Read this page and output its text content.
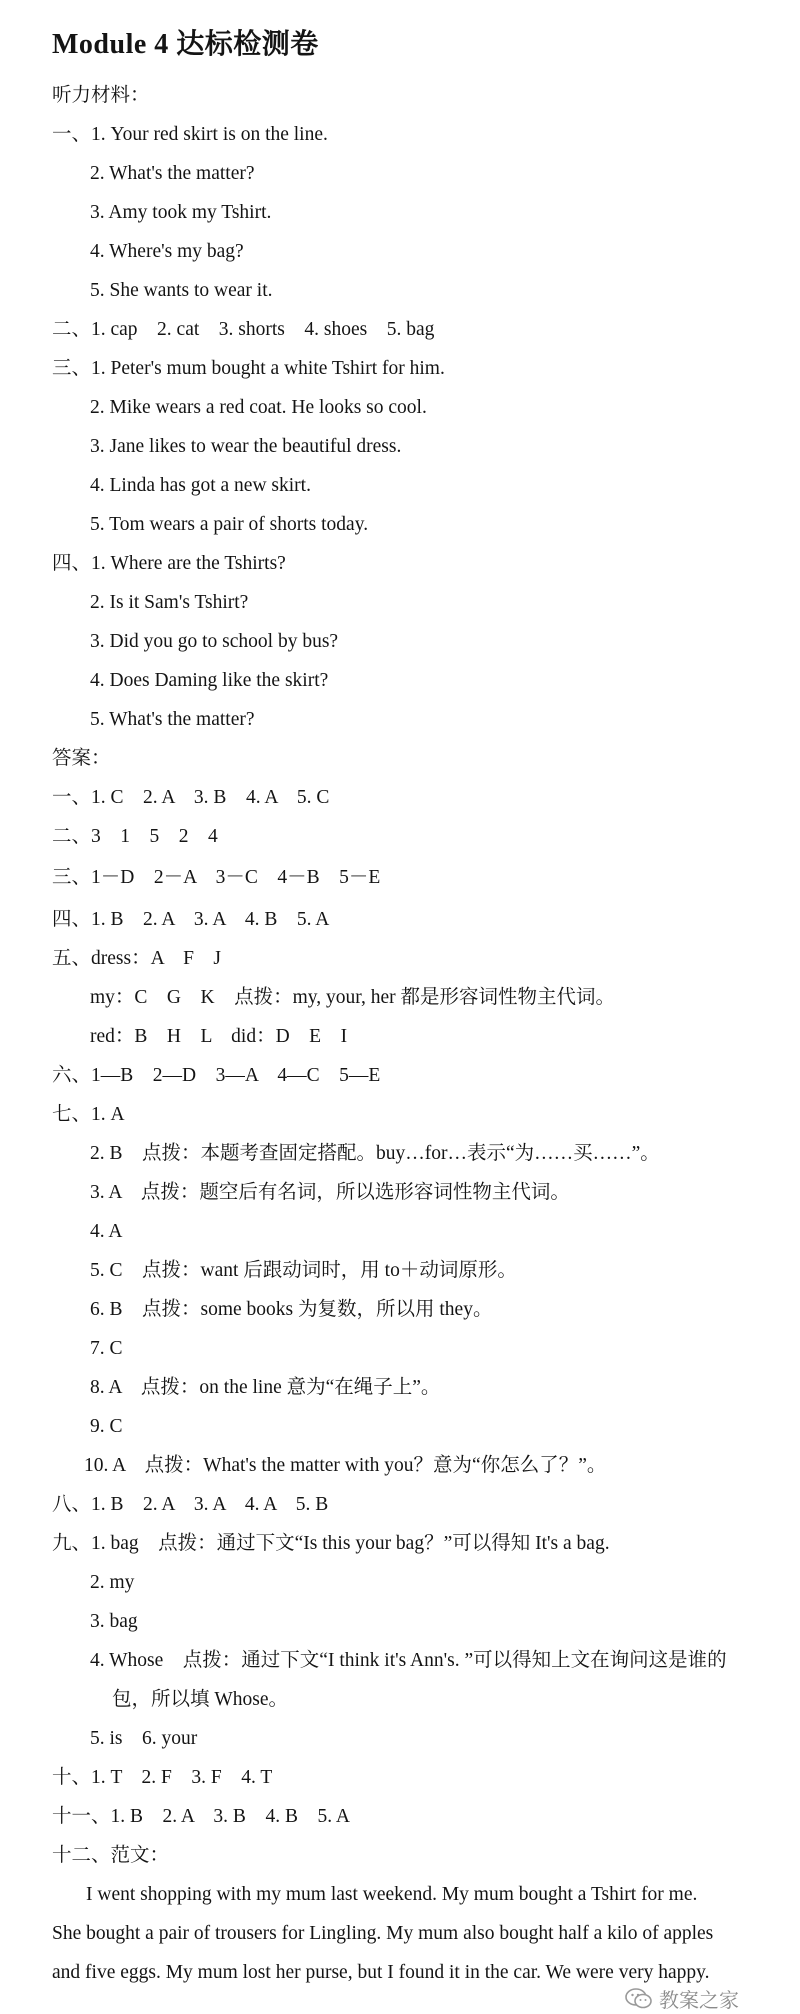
Module 4 达标检测卷
听力材料：
一、1. Your red skirt is on the line.
2. What's the matter?
3. Amy took my Tshirt.
4. Where's my bag?
5. She wants to wear it.
二、1. cap    2. cat    3. shorts    4. shoes    5. bag
三、1. Peter's mum bought a white Tshirt for him.
2. Mike wears a red coat. He looks so cool.
3. Jane likes to wear the beautiful dress.
4. Linda has got a new skirt.
5. Tom wears a pair of shorts today.
四、1. Where are the Tshirts?
2. Is it Sam's Tshirt?
3. Did you go to school by bus?
4. Does Daming like the skirt?
5. What's the matter?
答案：
一、1. C    2. A    3. B    4. A    5. C
二、3    1    5    2    4
三、1－D    2－A    3－C    4－B    5－E
四、1. B    2. A    3. A    4. B    5. A
五、dress：A    F    J
my：C    G    K    点拨：my, your, her 都是形容词性物主代词。
red：B    H    L    did：D    E    I
六、1—B    2—D    3—A    4—C    5—E
七、1. A
2. B    点拨：本题考查固定搭配。buy…for…表示“为……买……”。
3. A    点拨：题空后有名词，所以选形容词性物主代词。
4. A
5. C    点拨：want 后跟动词时，用 to＋动词原形。
6. B    点拨：some books 为复数，所以用 they。
7. C
8. A    点拨：on the line 意为“在绳子上”。
9. C
10. A    点拨：What's the matter with you？意为“你怎么了？”。
八、1. B    2. A    3. A    4. A    5. B
九、1. bag    点拨：通过下文“Is this your bag？”可以得知 It's a bag.
2. my
3. bag
4. Whose    点拨：通过下文“I think it's Ann's. ”可以得知上文在询问这是谁的
包，所以填 Whose。
5. is    6. your
十、1. T    2. F    3. F    4. T
十一、1. B    2. A    3. B    4. B    5. A
十二、范文：
I went shopping with my mum last weekend. My mum bought a Tshirt for me.
She bought a pair of trousers for Lingling. My mum also bought half a kilo of apples
and five eggs. My mum lost her purse, but I found it in the car. We were very happy.
教案之家
